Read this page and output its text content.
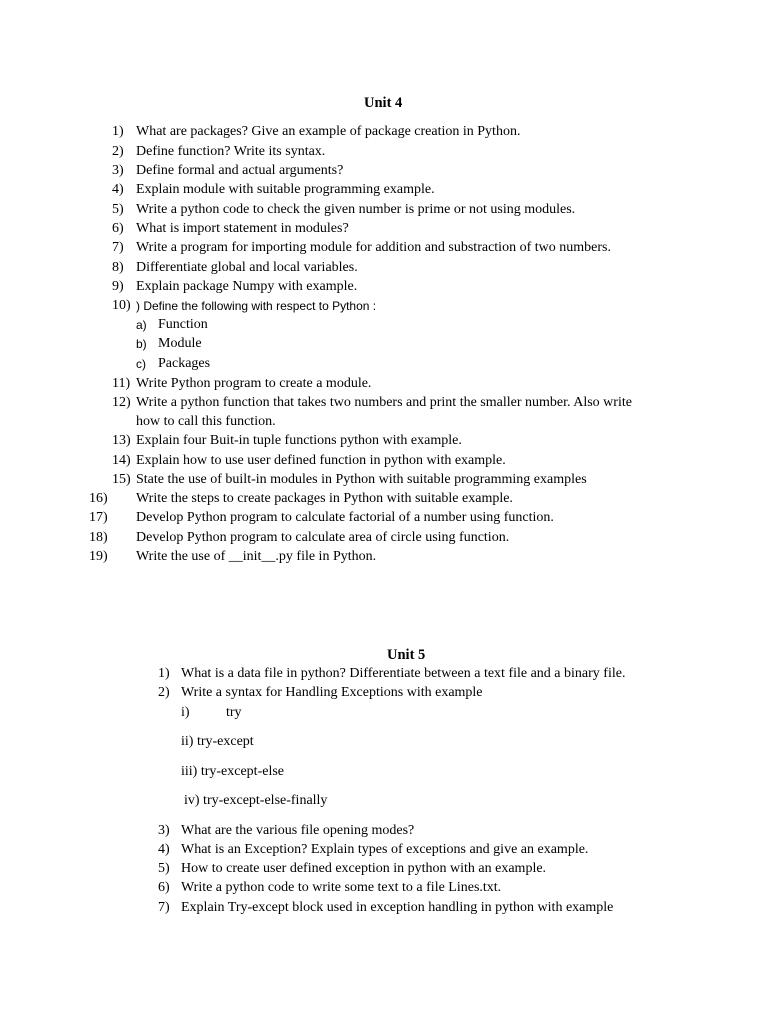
Unit 4
1) What are packages? Give an example of package creation in Python.
2) Define function? Write its syntax.
3) Define formal and actual arguments?
4) Explain module with suitable programming example.
5) Write a python code to check the given number is prime or not using modules.
6) What is import statement in modules?
7) Write a program for importing module for addition and substraction of two numbers.
8) Differentiate global and local variables.
9) Explain package Numpy with example.
10) ) Define the following with respect to Python :
a) Function
b) Module
c) Packages
11) Write Python program to create a module.
12) Write a python function that takes two numbers and print the smaller number. Also write
how to call this function.
13) Explain four Buit-in tuple functions python with example.
14) Explain how to use user defined function in python with example.
15) State the use of built-in modules in Python with suitable programming examples
16) Write the steps to create packages in Python with suitable example.
17) Develop Python program to calculate factorial of a number using function.
18) Develop Python program to calculate area of circle using function.
19) Write the use of __init__.py file in Python.
Unit 5
1) What is a data file in python? Differentiate between a text file and a binary file.
2) Write a syntax for Handling Exceptions with example
i)	try
ii) try-except
iii) try-except-else
iv) try-except-else-finally
3) What are the various file opening modes?
4) What is an Exception? Explain types of exceptions and give an example.
5) How to create user defined exception in python with an example.
6) Write a python code to write some text to a file Lines.txt.
7) Explain Try-except block used in exception handling in python with example
